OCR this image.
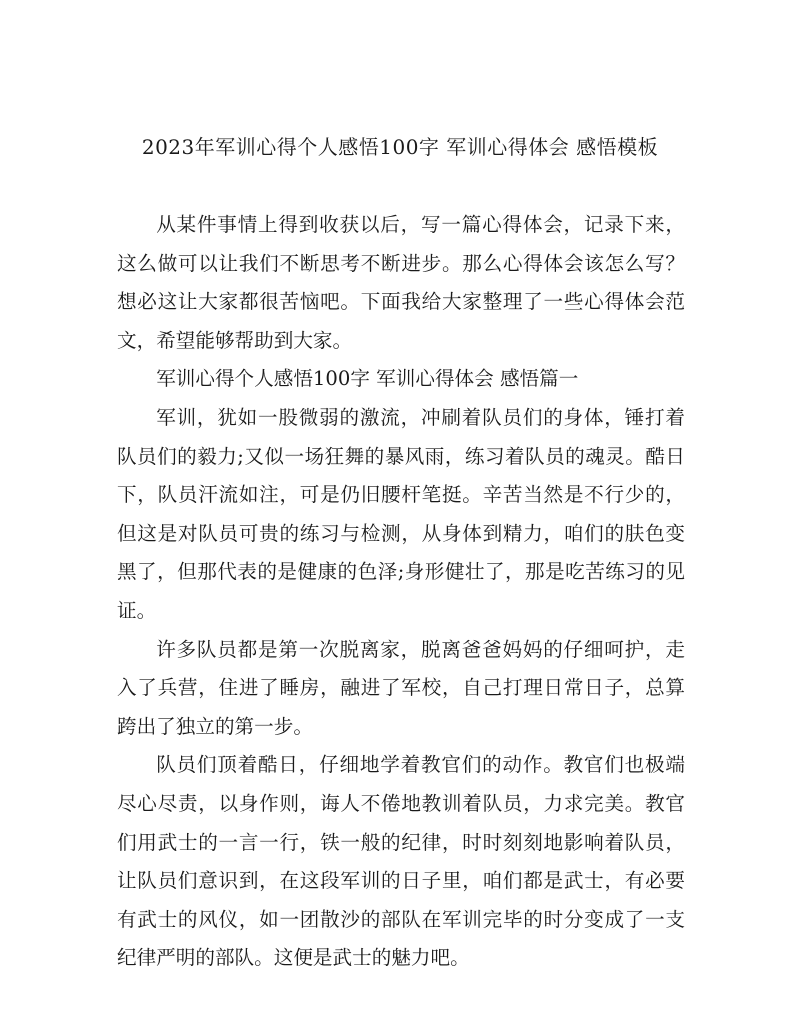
2023年军训心得个人感悟100字 军训心得体会 感悟模板

从某件事情上得到收获以后，写一篇心得体会，记录下来，这么做可以让我们不断思考不断进步。那么心得体会该怎么写？想必这让大家都很苦恼吧。下面我给大家整理了一些心得体会范文，希望能够帮助到大家。

军训心得个人感悟100字 军训心得体会 感悟篇一

军训，犹如一股微弱的激流，冲刷着队员们的身体，锤打着队员们的毅力;又似一场狂舞的暴风雨，练习着队员的魂灵。酷日下，队员汗流如注，可是仍旧腰杆笔挺。辛苦当然是不行少的，但这是对队员可贵的练习与检测，从身体到精力，咱们的肤色变黑了，但那代表的是健康的色泽;身形健壮了，那是吃苦练习的见证。

许多队员都是第一次脱离家，脱离爸爸妈妈的仔细呵护，走入了兵营，住进了睡房，融进了军校，自己打理日常日子，总算跨出了独立的第一步。

队员们顶着酷日，仔细地学着教官们的动作。教官们也极端尽心尽责，以身作则，诲人不倦地教训着队员，力求完美。教官们用武士的一言一行，铁一般的纪律，时时刻刻地影响着队员，让队员们意识到，在这段军训的日子里，咱们都是武士，有必要有武士的风仪，如一团散沙的部队在军训完毕的时分变成了一支纪律严明的部队。这便是武士的魅力吧。
